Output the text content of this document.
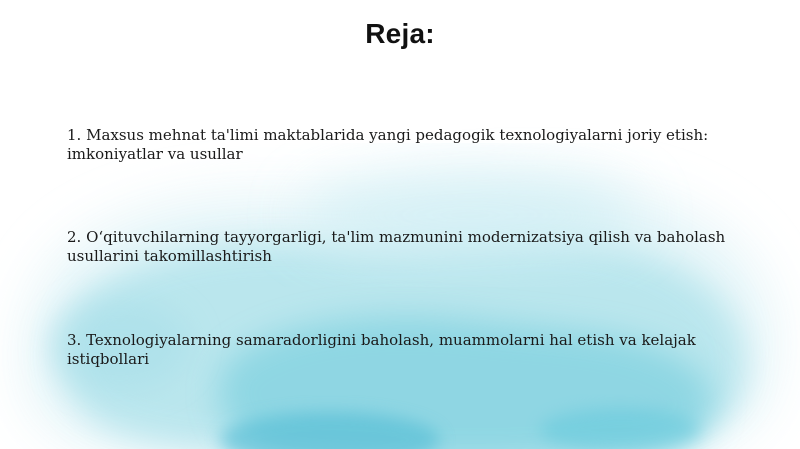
Reja:
1. Maxsus mehnat ta'limi maktablarida yangi pedagogik texnologiyalarni joriy etish: imkoniyatlar va usullar
2. O‘qituvchilarning tayyorgarligi, ta'lim mazmunini modernizatsiya qilish va baholash usullarini takomillashtirish
3. Texnologiyalarning samaradorligini baholash, muammolarni hal etish va kelajak istiqbollari
